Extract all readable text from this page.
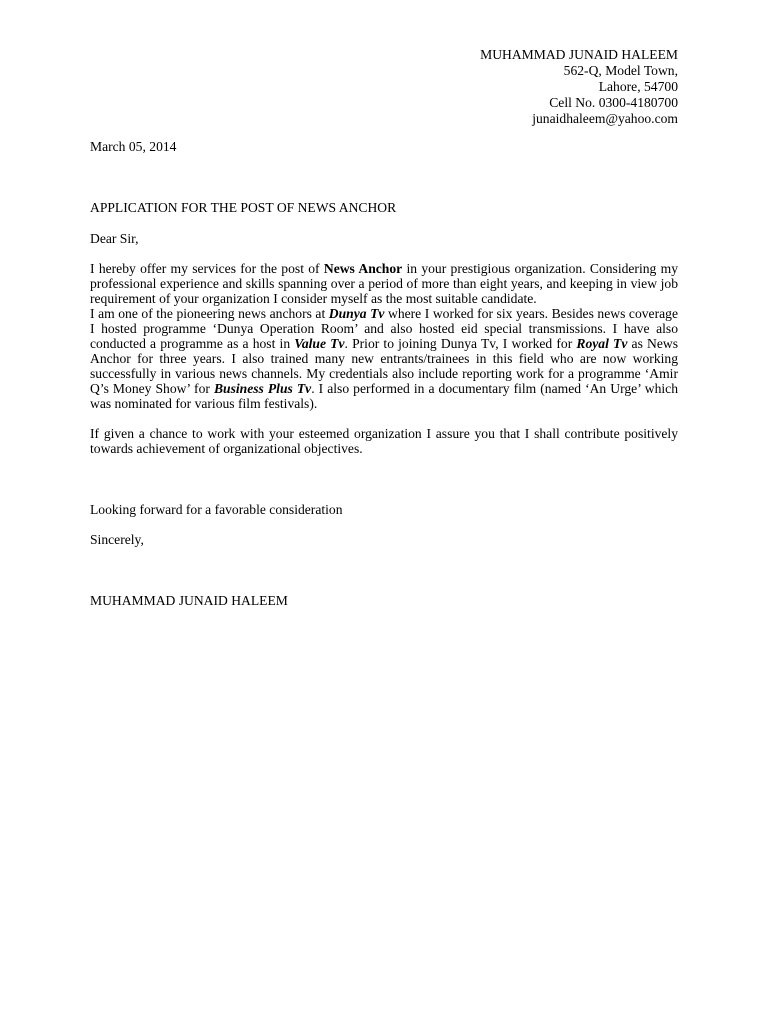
MUHAMMAD JUNAID HALEEM
562-Q, Model Town,
Lahore, 54700
Cell No. 0300-4180700
junaidhaleem@yahoo.com
March 05, 2014
APPLICATION FOR THE POST OF NEWS ANCHOR
Dear Sir,

I hereby offer my services for the post of News Anchor in your prestigious organization. Considering my professional experience and skills spanning over a period of more than eight years, and keeping in view job requirement of your organization I consider myself as the most suitable candidate.

I am one of the pioneering news anchors at Dunya Tv where I worked for six years. Besides news coverage I hosted programme ‘Dunya Operation Room’ and also hosted eid special transmissions. I have also conducted a programme as a host in Value Tv. Prior to joining Dunya Tv, I worked for Royal Tv as News Anchor for three years. I also trained many new entrants/trainees in this field who are now working successfully in various news channels. My credentials also include reporting work for a programme ‘Amir Q’s Money Show’ for Business Plus Tv. I also performed in a documentary film (named ‘An Urge’ which was nominated for various film festivals).

If given a chance to work with your esteemed organization I assure you that I shall contribute positively towards achievement of organizational objectives.

Looking forward for a favorable consideration
Sincerely,
MUHAMMAD JUNAID HALEEM
